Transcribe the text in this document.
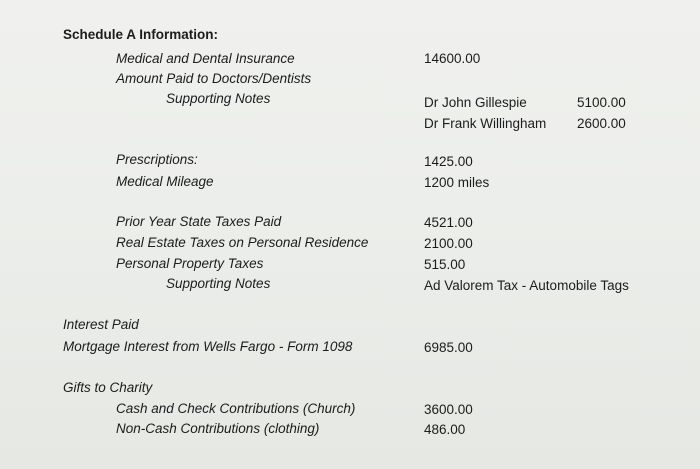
Schedule A Information:
Medical and Dental Insurance	14600.00
Amount Paid to Doctors/Dentists
Supporting Notes	Dr John Gillespie	5100.00
Dr Frank Willingham 2600.00
Prescriptions:	1425.00
Medical Mileage	1200 miles
Prior Year State Taxes Paid	4521.00
Real Estate Taxes on Personal Residence	2100.00
Personal Property Taxes	515.00
Supporting Notes	Ad Valorem Tax - Automobile Tags
Interest Paid
Mortgage Interest from Wells Fargo - Form 1098	6985.00
Gifts to Charity
Cash and Check Contributions (Church)	3600.00
Non-Cash Contributions (clothing)	486.00
